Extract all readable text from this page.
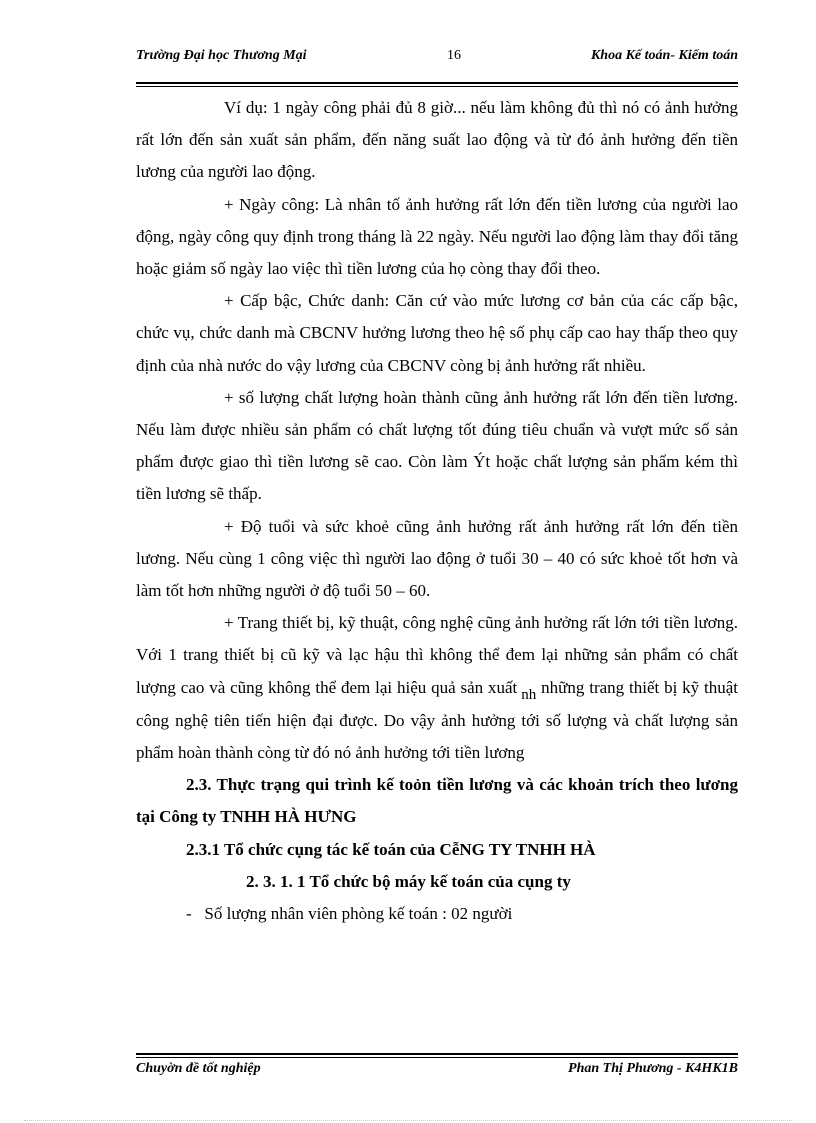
Trường Đại học Thương Mại	16	Khoa Kế toán- Kiểm toán

Ví dụ: 1 ngày công phải đủ 8 giờ... nếu làm không đủ thì nó có ảnh hưởng rất lớn đến sản xuất sản phẩm, đến năng suất lao động và từ đó ảnh hưởng đến tiền lương của người lao động.

+ Ngày công: Là nhân tố ảnh hưởng rất lớn đến tiền lương của người lao động, ngày công quy định trong tháng là 22 ngày. Nếu người lao động làm thay đổi tăng hoặc giảm số ngày lao việc thì tiền lương của họ còng thay đổi theo.

+ Cấp bậc, Chức danh: Căn cứ vào mức lương cơ bản của các cấp bậc, chức vụ, chức danh mà CBCNV hưởng lương theo hệ số phụ cấp cao hay thấp theo quy định của nhà nước do vậy lương của CBCNV còng bị ảnh hưởng rất nhiều.

+ số lượng chất lượng hoàn thành cũng ảnh hưởng rất lớn đến tiền lương. Nếu làm được nhiều sản phẩm có chất lượng tốt đúng tiêu chuẩn và vượt mức số sản phẩm được giao thì tiền lương sẽ cao. Còn làm Ýt hoặc chất lượng sản phẩm kém thì tiền lương sẽ thấp.

+ Độ tuổi và sức khoẻ cũng ảnh hưởng rất ảnh hưởng rất lớn đến tiền lương. Nếu cùng 1 công việc thì người lao động ở tuổi 30 – 40 có sức khoẻ tốt hơn và làm tốt hơn những người ở độ tuổi 50 – 60.

+ Trang thiết bị, kỹ thuật, công nghệ cũng ảnh hưởng rất lớn tới tiền lương. Với 1 trang thiết bị cũ kỹ và lạc hậu thì không thể đem lại những sản phẩm có chất lượng cao và cũng không thể đem lại hiệu quả sản xuất nh những trang thiết bị kỹ thuật công nghệ tiên tiến hiện đại được. Do vậy ảnh hưởng tới số lượng và chất lượng sản phẩm hoàn thành còng từ đó nó ảnh hưởng tới tiền lương

2.3. Thực trạng qui trình kế toỏn tiền lương và các khoản trích theo lương tại Công ty TNHH HÀ HƯNG

2.3.1 Tổ chức cụng tác kế toán của CễNG TY TNHH HÀ

2. 3. 1. 1 Tổ chức bộ máy kế toán của cụng ty

- Số lượng nhân viên phòng kế toán : 02 người

Chuyờn đề tốt nghiệp	Phan Thị Phương - K4HK1B
